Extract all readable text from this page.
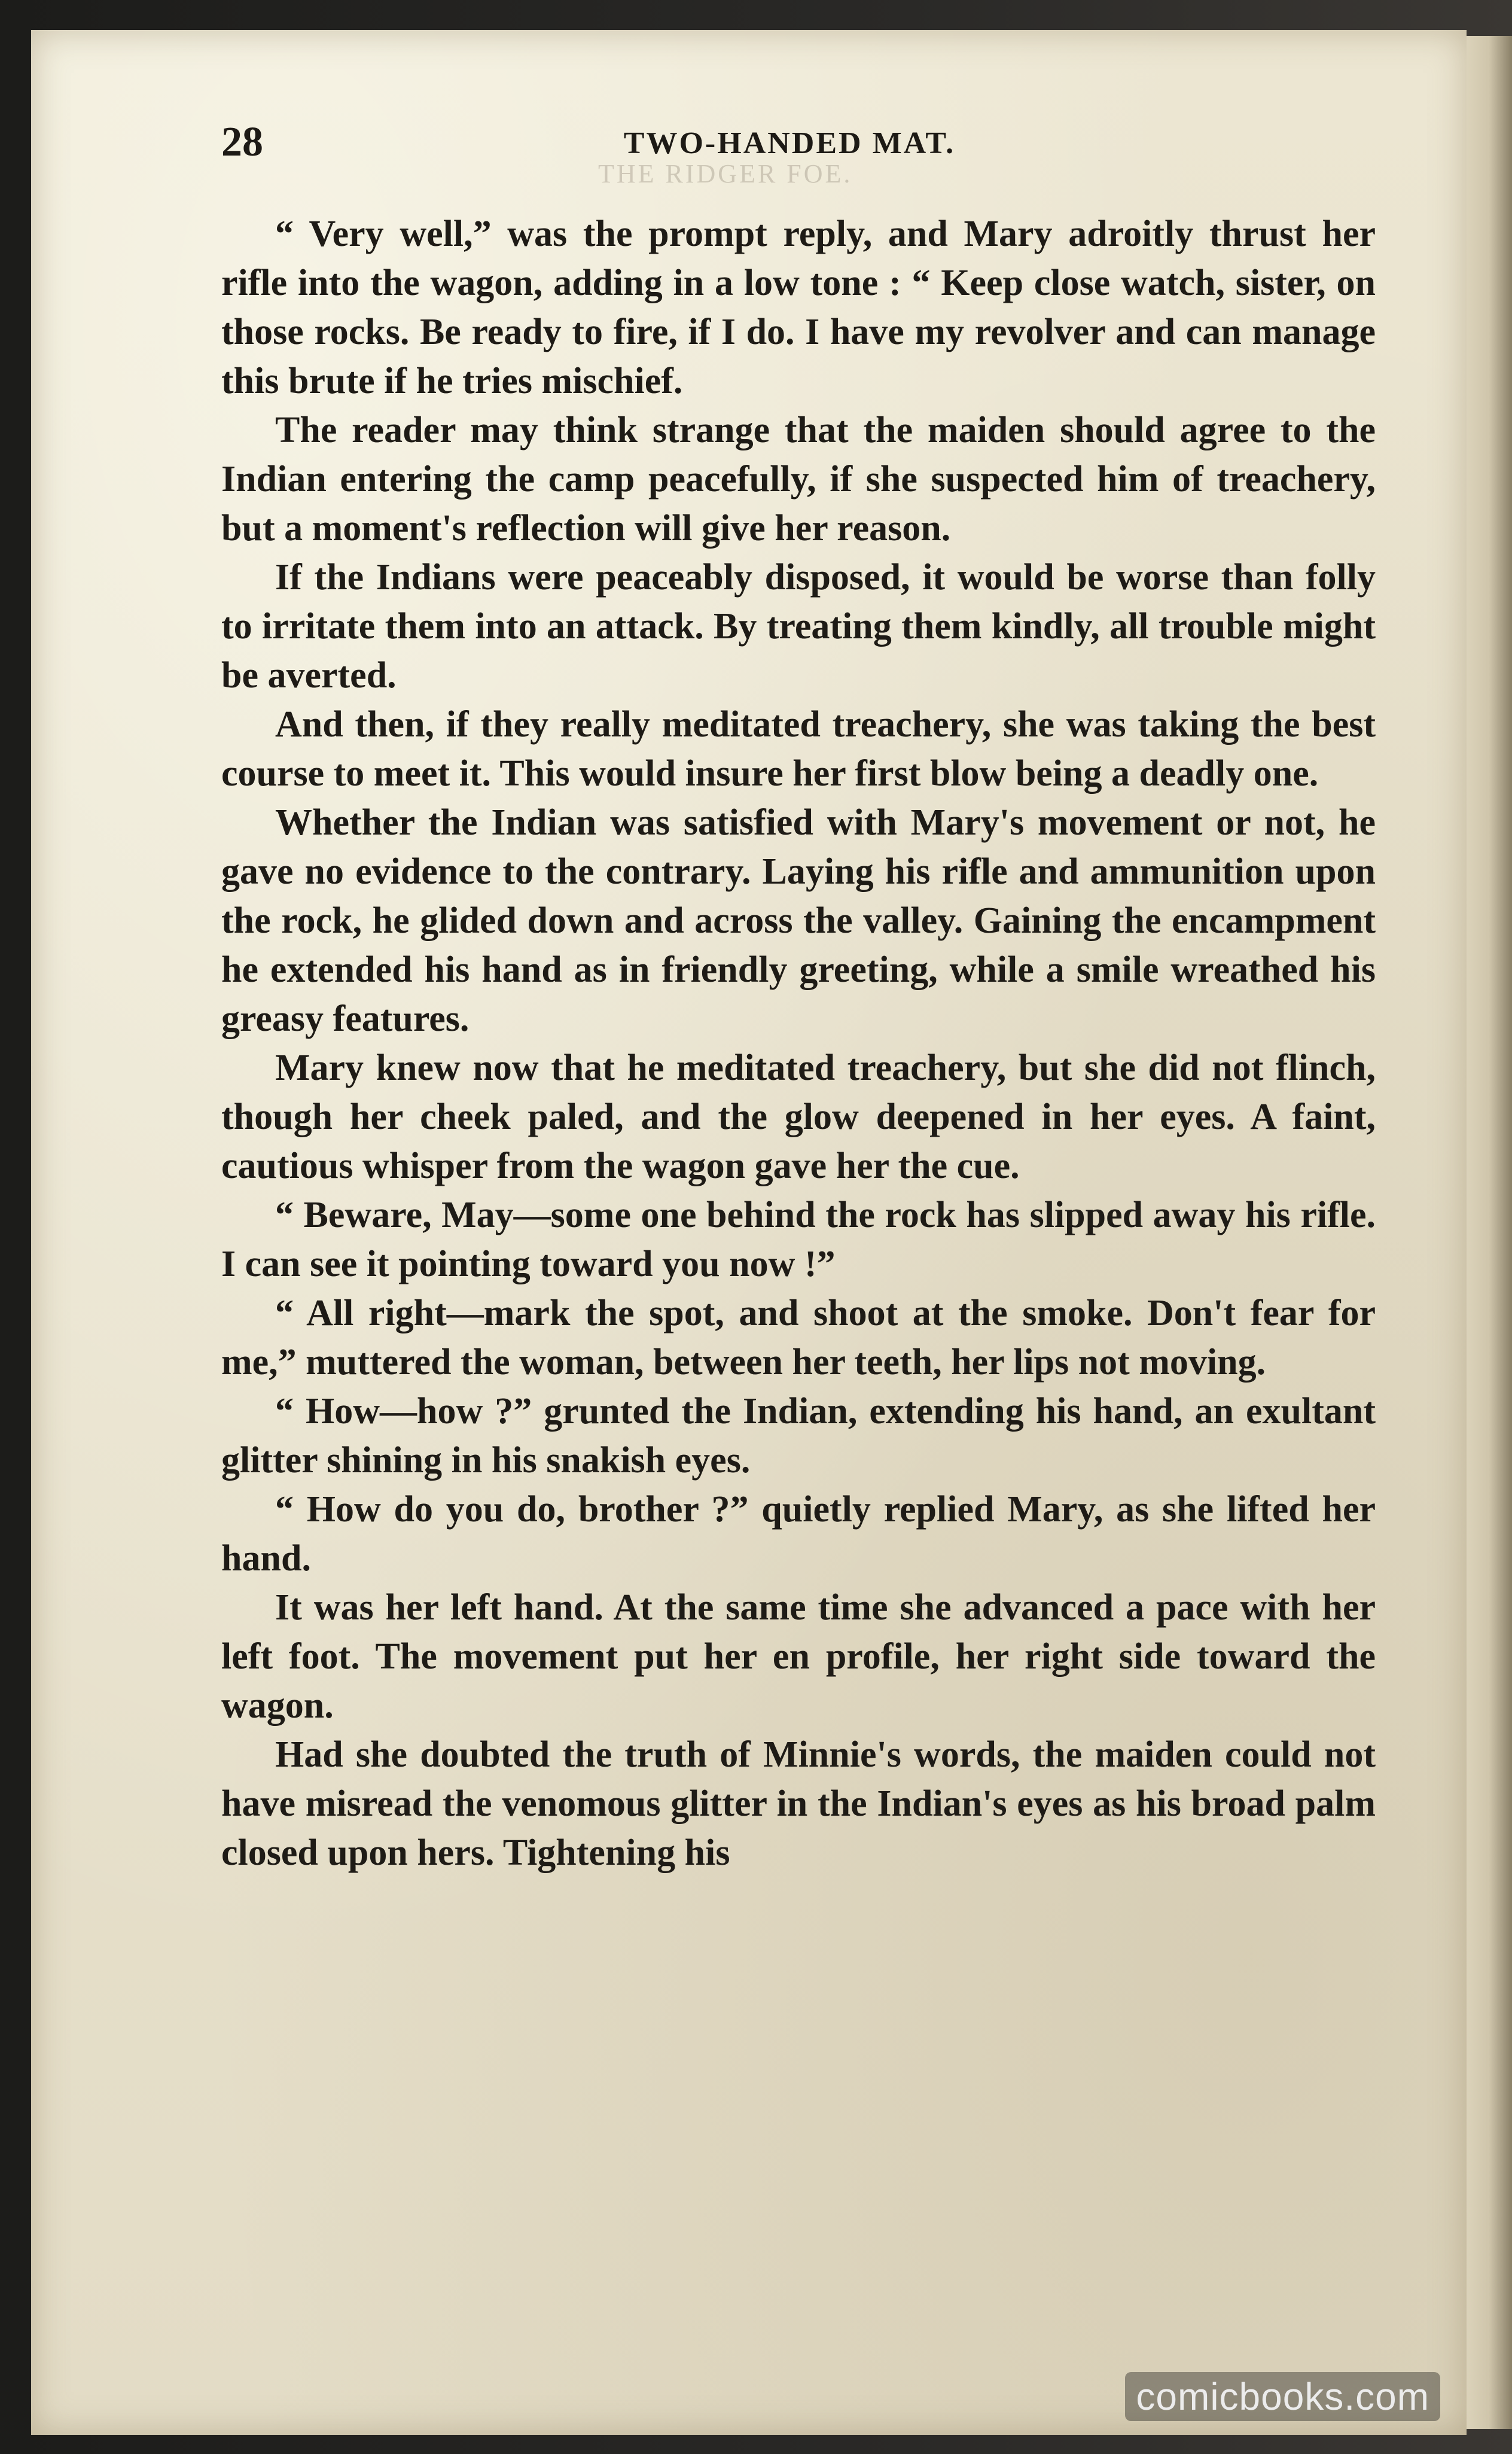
28	TWO-HANDED MAT.
THE RIDGER FOE.

“ Very well,” was the prompt reply, and Mary adroitly thrust her rifle into the wagon, adding in a low tone : “ Keep close watch, sister, on those rocks. Be ready to fire, if I do. I have my revolver and can manage this brute if he tries mischief.

The reader may think strange that the maiden should agree to the Indian entering the camp peacefully, if she suspected him of treachery, but a moment's reflection will give her reason.

If the Indians were peaceably disposed, it would be worse than folly to irritate them into an attack. By treating them kindly, all trouble might be averted.

And then, if they really meditated treachery, she was taking the best course to meet it. This would insure her first blow being a deadly one.

Whether the Indian was satisfied with Mary's movement or not, he gave no evidence to the contrary. Laying his rifle and ammunition upon the rock, he glided down and across the valley. Gaining the encampment he extended his hand as in friendly greeting, while a smile wreathed his greasy features.

Mary knew now that he meditated treachery, but she did not flinch, though her cheek paled, and the glow deepened in her eyes. A faint, cautious whisper from the wagon gave her the cue.

“ Beware, May—some one behind the rock has slipped away his rifle. I can see it pointing toward you now !”

“ All right—mark the spot, and shoot at the smoke. Don't fear for me,” muttered the woman, between her teeth, her lips not moving.

“ How—how ?” grunted the Indian, extending his hand, an exultant glitter shining in his snakish eyes.

“ How do you do, brother ?” quietly replied Mary, as she lifted her hand.

It was her left hand. At the same time she advanced a pace with her left foot. The movement put her en profile, her right side toward the wagon.

Had she doubted the truth of Minnie's words, the maiden could not have misread the venomous glitter in the Indian's eyes as his broad palm closed upon hers. Tightening his

comicbooks.com
